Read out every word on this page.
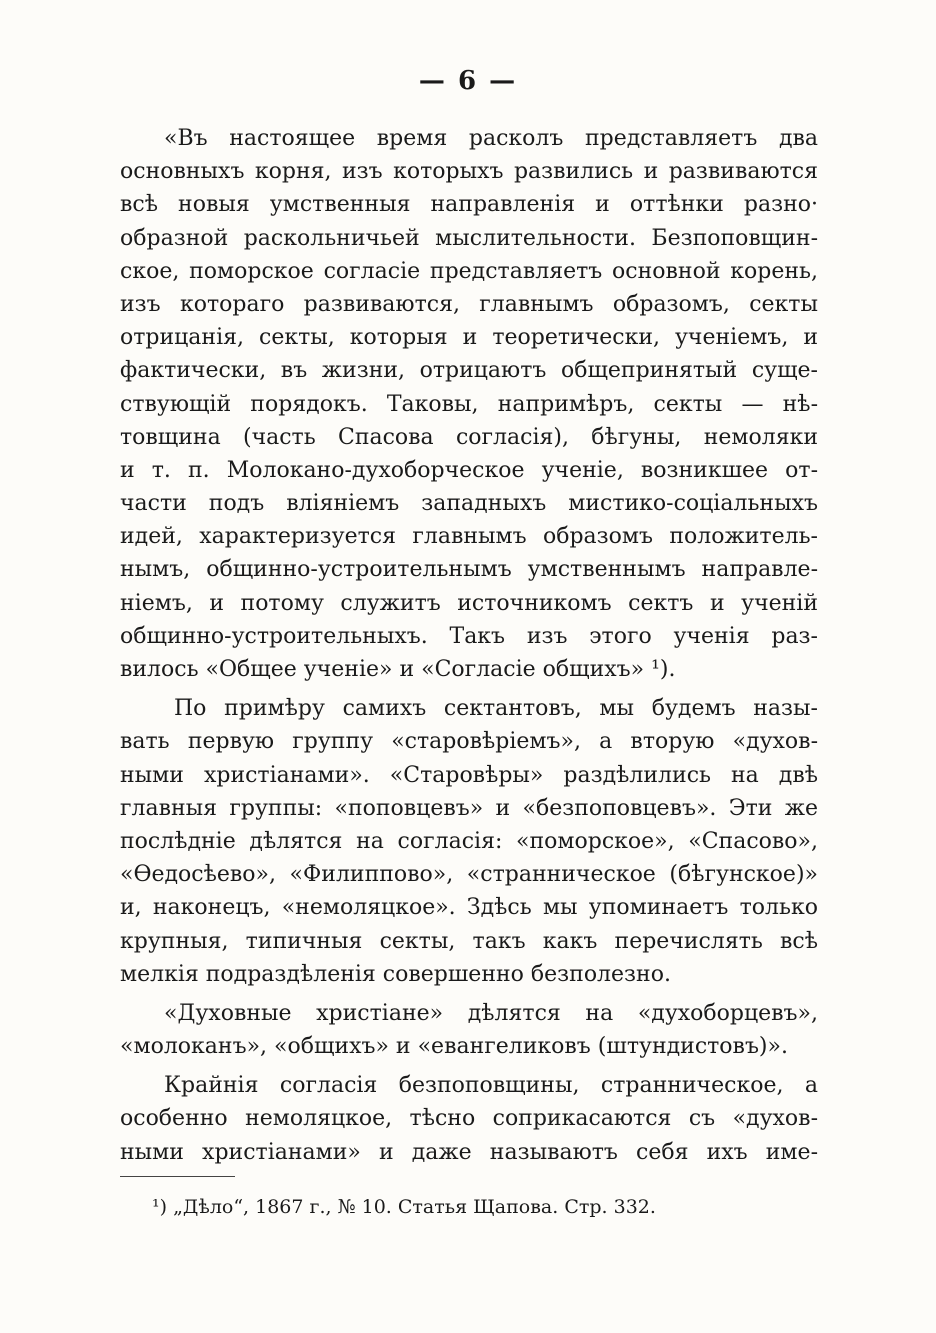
— 6 —
«Въ настоящее время расколъ представляетъ два
основныхъ корня, изъ которыхъ развились и развиваются
всѣ новыя умственныя направленія и оттѣнки разно·
образной раскольничьей мыслительности. Безпоповщин-
ское, поморское согласіе представляетъ основной корень,
изъ котораго развиваются, главнымъ образомъ, секты
отрицанія, секты, которыя и теоретически, ученіемъ, и
фактически, въ жизни, отрицаютъ общепринятый суще-
ствующій порядокъ. Таковы, напримѣръ, секты — нѣ-
товщина (часть Спасова согласія), бѣгуны, немоляки
и т. п. Молокано-духоборческое ученіе, возникшее от-
части подъ вліяніемъ западныхъ мистико-соціальныхъ
идей, характеризуется главнымъ образомъ положитель-
нымъ, общинно-устроительнымъ умственнымъ направле-
ніемъ, и потому служитъ источникомъ сектъ и ученій
общинно-устроительныхъ. Такъ изъ этого ученія раз-
вилось «Общее ученіе» и «Согласіе общихъ» ¹).
По примѣру самихъ сектантовъ, мы будемъ назы-
вать первую группу «старовѣріемъ», а вторую «духов-
ными христіанами». «Старовѣры» раздѣлились на двѣ
главныя группы: «поповцевъ» и «безпоповцевъ». Эти же
послѣдніе дѣлятся на согласія: «поморское», «Спасово»,
«Ѳедосѣево», «Филиппово», «странническое (бѣгунское)»
и, наконецъ, «немоляцкое». Здѣсь мы упоминаетъ только
крупныя, типичныя секты, такъ какъ перечислять всѣ
мелкія подраздѣленія совершенно безполезно.
«Духовные христіане» дѣлятся на «духоборцевъ»,
«молоканъ», «общихъ» и «евангеликовъ (штундистовъ)».
Крайнія согласія безпоповщины, странническое, а
особенно немоляцкое, тѣсно соприкасаются съ «духов-
ными христіанами» и даже называютъ себя ихъ име-
¹) „Дѣло“, 1867 г., № 10. Статья Щапова. Стр. 332.
